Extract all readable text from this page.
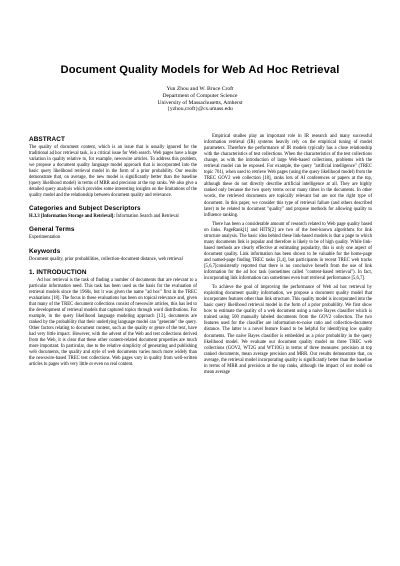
Document Quality Models for Web Ad Hoc Retrieval
Yun Zhou and W. Bruce Croft
Department of Computer Science
University of Massachusetts, Amherst
{yzhou,croft}@cs.umass.edu
ABSTRACT

The quality of document content, which is an issue that is usually ignored for the traditional ad hoc retrieval task, is a critical issue for Web search. Web pages have a huge variation in quality relative to, for example, newswire articles. To address this problem, we propose a document quality language model approach that is incorporated into the basic query likelihood retrieval model in the form of a prior probability. Our results demonstrate that, on average, the new model is significantly better than the baseline (query likelihood model) in terms of MRR and precision at the top ranks. We also give a detailed query analysis which provides some interesting insights on the limitations of the quality model and the relationship between document quality and relevance.

Categories and Subject Descriptors

H.3.3 [Information Storage and Retrieval]: Information Search and Retrieval

General Terms

Experimentation

Keywords

Document quality, prior probabilities, collection-document distance, web retrieval

1. INTRODUCTION

Ad hoc retrieval is the task of finding a number of documents that are relevant to a particular information need. This task has been used as the basis for the evaluation of retrieval models since the 1960s, but it was given the name "ad hoc" first in the TREC evaluations [18]. The focus in these evaluations has been on topical relevance and, given that many of the TREC document collections consist of newswire articles, this has led to the development of retrieval models that captured topics through word distributions. For example, in the query likelihood language modeling approach [13], documents are ranked by the probability that their underlying language model can "generate" the query. Other factors relating to document content, such as the quality or genre of the text, have had very little impact. However, with the advent of the Web and test collections derived from the Web, it is clear that these other content-related document properties are much more important. In particular, due to the relative simplicity of generating and publishing web documents, the quality and style of web documents varies much more widely than the newswire-based TREC test collections. Web pages vary in quality from well-written articles to pages with very little or even no real content.

Empirical studies play an important role in IR research and many successful information retrieval (IR) systems heavily rely on the empirical tuning of model parameters. Therefore the performance of IR models typically has a close relationship with the characteristics of test collections. When the characteristics of the test collections change, as with the introduction of large Web-based collections, problems with the retrieval model can be exposed. For example, the query "artificial intelligence" (TREC topic 701), when used to retrieve Web pages (using the query likelihood model) from the TREC GOV2 web collection [18], ranks lots of AI conferences or papers at the top, although these do not directly describe artificial intelligence at all. They are highly ranked only because the two query terms occur many times in the documents. In other words, the retrieved documents are topically relevant but are not the right type of document. In this paper, we consider this type of retrieval failure (and others described later) to be related to document "quality" and propose methods for allowing quality to influence ranking.

There has been a considerable amount of research related to Web page quality based on links. PageRank[1] and HITS[2] are two of the best-known algorithms for link structure analysis. The basic idea behind these link-based models is that a page to which many documents link is popular and therefore is likely to be of high quality. While link-based methods are clearly effective at estimating popularity, this is only one aspect of document quality. Link information has been shown to be valuable for the home-page and named-page finding TREC tasks [3,4], but participants in recent TREC web tracks [5,6,7]consistently reported that there is no conclusive benefit from the use of link information for the ad hoc task (sometimes called "content-based retrieval"). In fact, incorporating link information can sometimes even hurt retrieval performance [5,6,7].

To achieve the goal of improving the performance of Web ad hoc retrieval by exploiting document quality information, we propose a document quality model that incorporates features other than link structure. This quality model is incorporated into the basic query likelihood retrieval model in the form of a prior probability. We first show how to estimate the quality of a web document using a naive Bayes classifier which is trained using 500 manually labeled documents from the GOV2 collection. The two features used for the classifier are information-to-noise ratio and collection-document distance. The latter is a novel feature found to be helpful for identifying low quality documents. The naive Bayes classifier is embedded as a prior probability in the query likelihood model. We evaluate our document quality model on three TREC web collections (GOV2, WT2G and WT10G) in terms of three measures: precision at top ranked documents, mean average precision and MRR. Our results demonstrate that, on average, the retrieval model incorporating quality is significantly better than the baseline in terms of MRR and precision at the top ranks, although the impact of our model on mean average
